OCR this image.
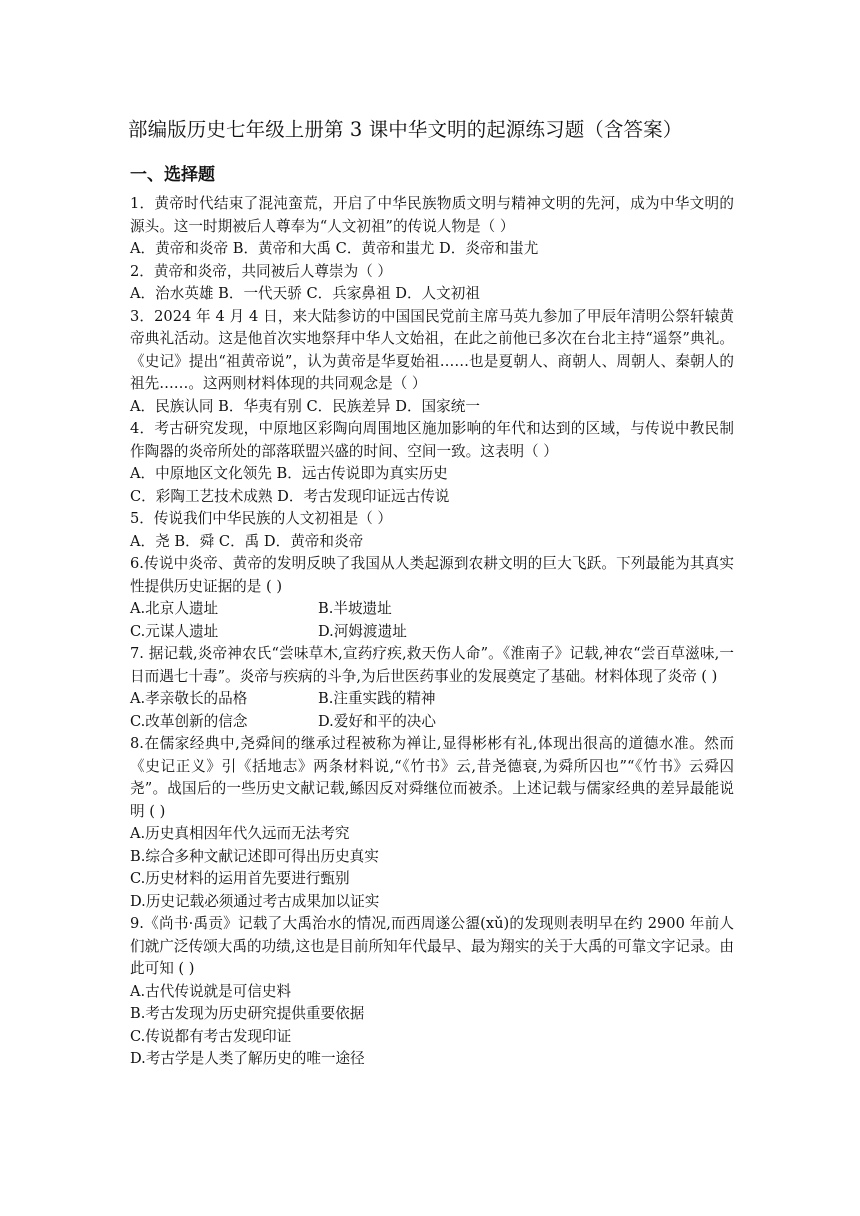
部编版历史七年级上册第 3 课中华文明的起源练习题（含答案）
一、选择题

1．黄帝时代结束了混沌蛮荒，开启了中华民族物质文明与精神文明的先河，成为中华文明的源头。这一时期被后人尊奉为“人文初祖”的传说人物是（ ）

A．黄帝和炎帝 B．黄帝和大禹 C．黄帝和蚩尤 D．炎帝和蚩尤

2．黄帝和炎帝，共同被后人尊崇为（ ）

A．治水英雄 B．一代天骄 C．兵家鼻祖 D．人文初祖

3．2024 年 4 月 4 日，来大陆参访的中国国民党前主席马英九参加了甲辰年清明公祭轩辕黄帝典礼活动。这是他首次实地祭拜中华人文始祖，在此之前他已多次在台北主持“遥祭”典礼。《史记》提出“祖黄帝说”，认为黄帝是华夏始祖……也是夏朝人、商朝人、周朝人、秦朝人的祖先……。这两则材料体现的共同观念是（ ）

A．民族认同 B．华夷有别 C．民族差异 D．国家统一

4．考古研究发现，中原地区彩陶向周围地区施加影响的年代和达到的区域，与传说中教民制作陶器的炎帝所处的部落联盟兴盛的时间、空间一致。这表明（ ）

A．中原地区文化领先 B．远古传说即为真实历史

C．彩陶工艺技术成熟 D．考古发现印证远古传说

5．传说我们中华民族的人文初祖是（ ）

A．尧 B．舜 C．禹 D．黄帝和炎帝

6.传说中炎帝、黄帝的发明反映了我国从人类起源到农耕文明的巨大飞跃。下列最能为其真实性提供历史证据的是 ( )

A.北京人遗址	B.半坡遗址

C.元谋人遗址	D.河姆渡遗址

7. 据记载,炎帝神农氏“尝味草木,宣药疗疾,救天伤人命”。《淮南子》记载,神农“尝百草滋味,一日而遇七十毒”。炎帝与疾病的斗争,为后世医药事业的发展奠定了基础。材料体现了炎帝 ( )

A.孝亲敬长的品格	B.注重实践的精神

C.改革创新的信念	D.爱好和平的决心

8.在儒家经典中,尧舜间的继承过程被称为禅让,显得彬彬有礼,体现出很高的道德水准。然而《史记正义》引《括地志》两条材料说,“《竹书》云,昔尧德衰,为舜所囚也”“《竹书》云舜囚尧”。战国后的一些历史文献记载,鲧因反对舜继位而被杀。上述记载与儒家经典的差异最能说明 ( )

A.历史真相因年代久远而无法考究

B.综合多种文献记述即可得出历史真实

C.历史材料的运用首先要进行甄别

D.历史记载必须通过考古成果加以证实

9.《尚书·禹贡》记载了大禹治水的情况,而西周遂公盨(xǔ)的发现则表明早在约 2900 年前人们就广泛传颂大禹的功绩,这也是目前所知年代最早、最为翔实的关于大禹的可靠文字记录。由此可知 ( )

A.古代传说就是可信史料

B.考古发现为历史研究提供重要依据

C.传说都有考古发现印证

D.考古学是人类了解历史的唯一途径
